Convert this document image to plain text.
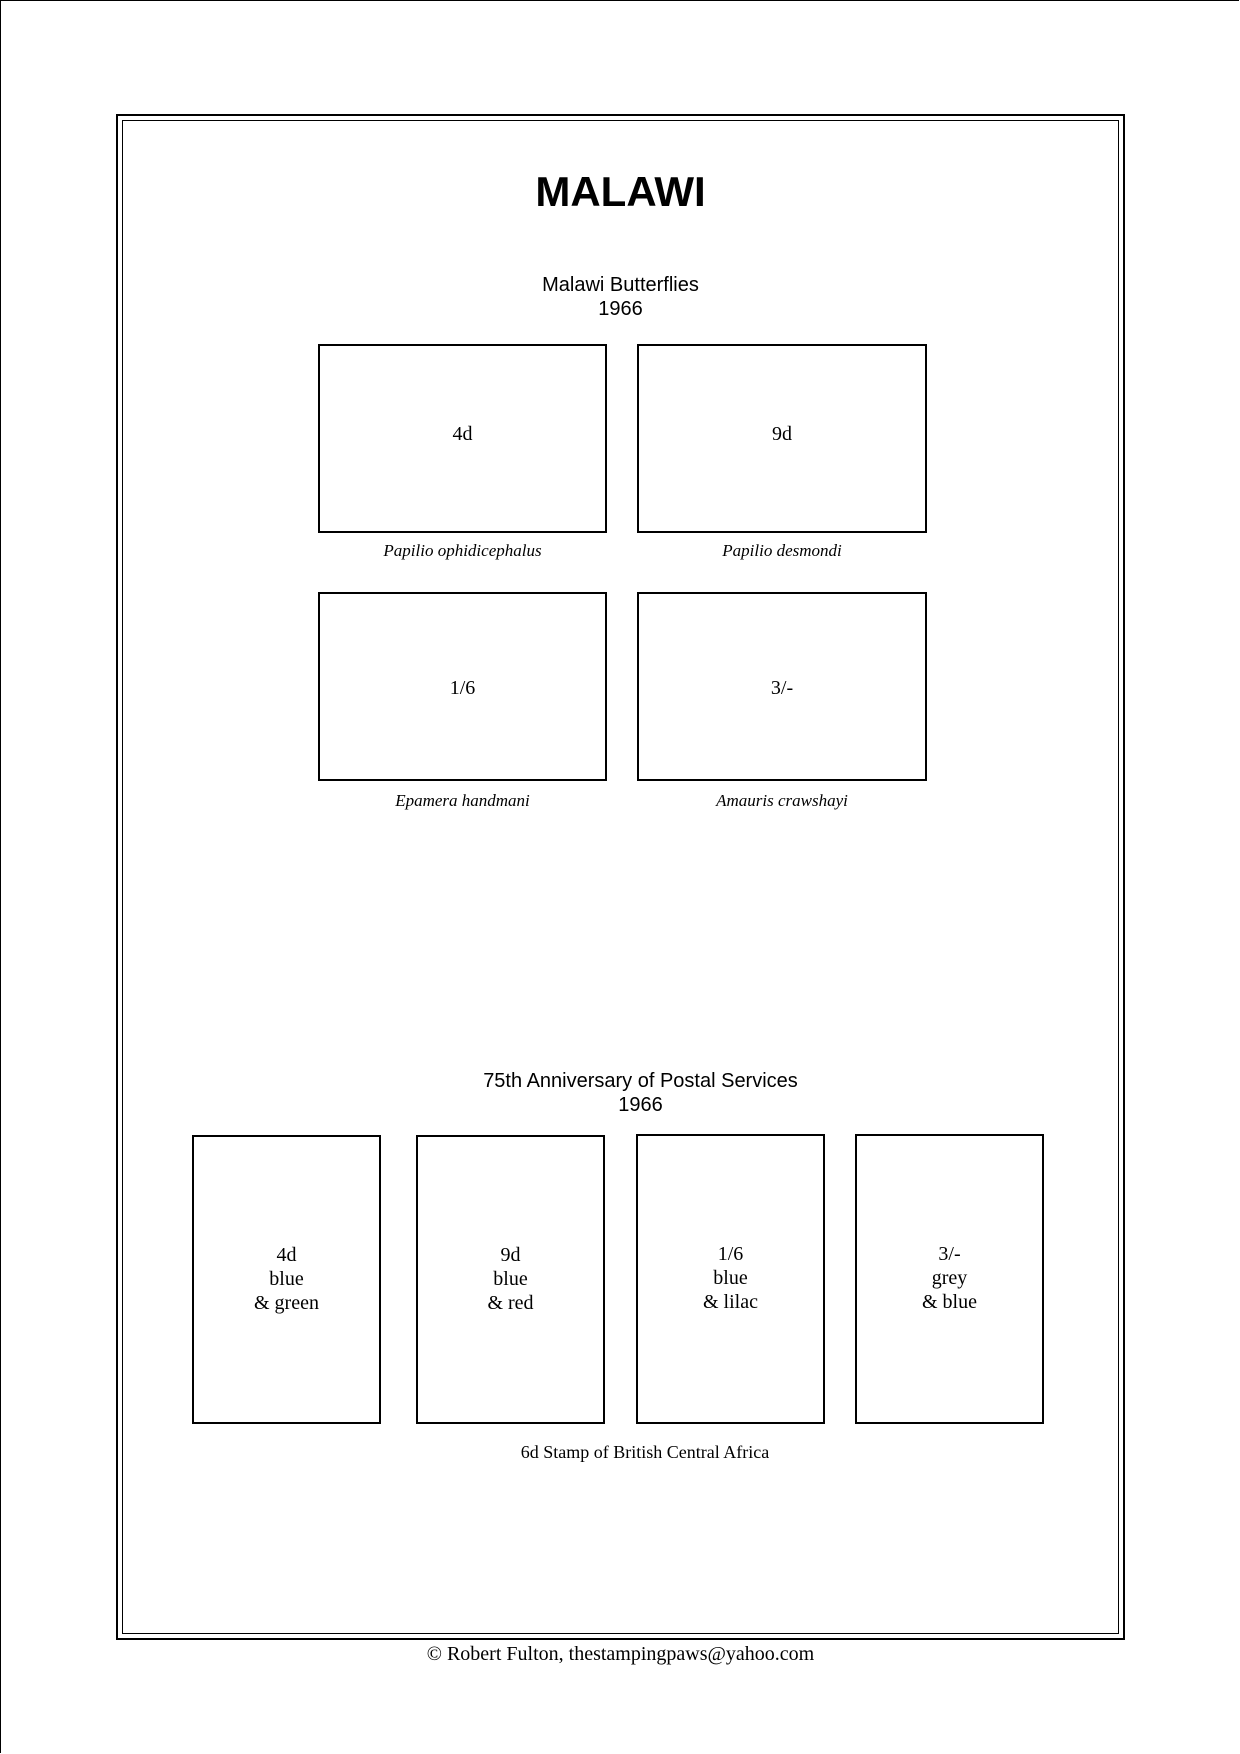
MALAWI
Malawi Butterflies
1966
4d
Papilio ophidicephalus
9d
Papilio desmondi
1/6
Epamera handmani
3/-
Amauris crawshayi
75th Anniversary of Postal Services
1966
4d
blue
& green
9d
blue
& red
1/6
blue
& lilac
3/-
grey
& blue
6d Stamp of British Central Africa
© Robert Fulton, thestampingpaws@yahoo.com
